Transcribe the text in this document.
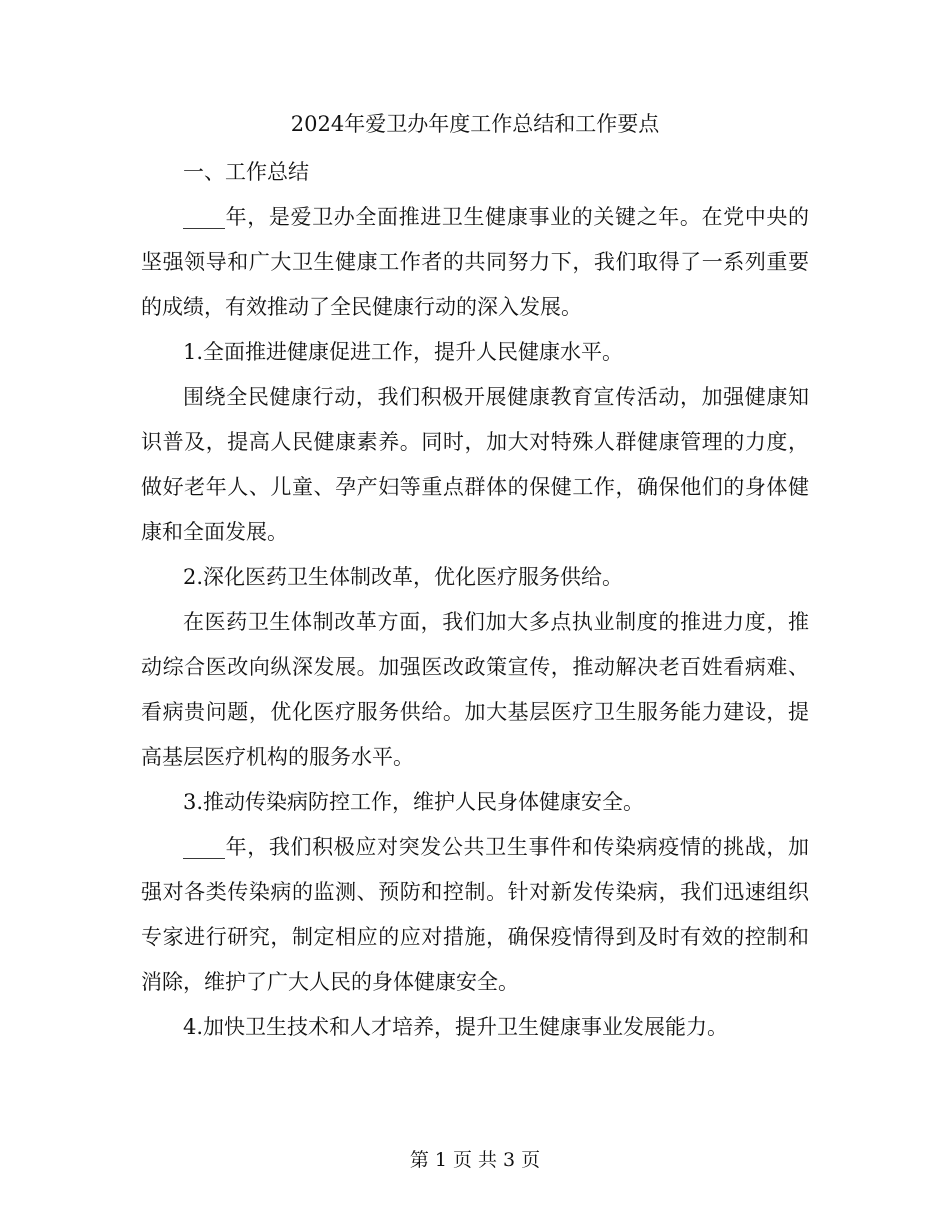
2024年爱卫办年度工作总结和工作要点

一、工作总结

____年，是爱卫办全面推进卫生健康事业的关键之年。在党中央的坚强领导和广大卫生健康工作者的共同努力下，我们取得了一系列重要的成绩，有效推动了全民健康行动的深入发展。

1.全面推进健康促进工作，提升人民健康水平。

围绕全民健康行动，我们积极开展健康教育宣传活动，加强健康知识普及，提高人民健康素养。同时，加大对特殊人群健康管理的力度，做好老年人、儿童、孕产妇等重点群体的保健工作，确保他们的身体健康和全面发展。

2.深化医药卫生体制改革，优化医疗服务供给。

在医药卫生体制改革方面，我们加大多点执业制度的推进力度，推动综合医改向纵深发展。加强医改政策宣传，推动解决老百姓看病难、看病贵问题，优化医疗服务供给。加大基层医疗卫生服务能力建设，提高基层医疗机构的服务水平。

3.推动传染病防控工作，维护人民身体健康安全。

____年，我们积极应对突发公共卫生事件和传染病疫情的挑战，加强对各类传染病的监测、预防和控制。针对新发传染病，我们迅速组织专家进行研究，制定相应的应对措施，确保疫情得到及时有效的控制和消除，维护了广大人民的身体健康安全。

4.加快卫生技术和人才培养，提升卫生健康事业发展能力。

第 1 页 共 3 页
